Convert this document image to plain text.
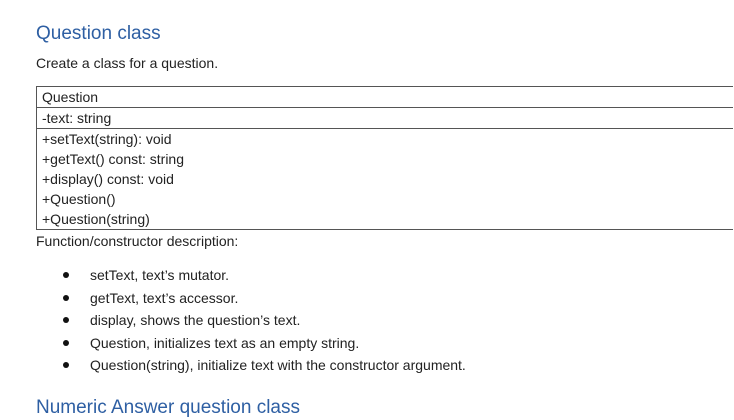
Question class

Create a class for a question.

Question
-text: string
+setText(string): void
+getText() const: string
+display() const: void
+Question()
+Question(string)

Function/constructor description:

setText, text’s mutator.
getText, text’s accessor.
display, shows the question’s text.
Question, initializes text as an empty string.
Question(string), initialize text with the constructor argument.
Numeric Answer question class
